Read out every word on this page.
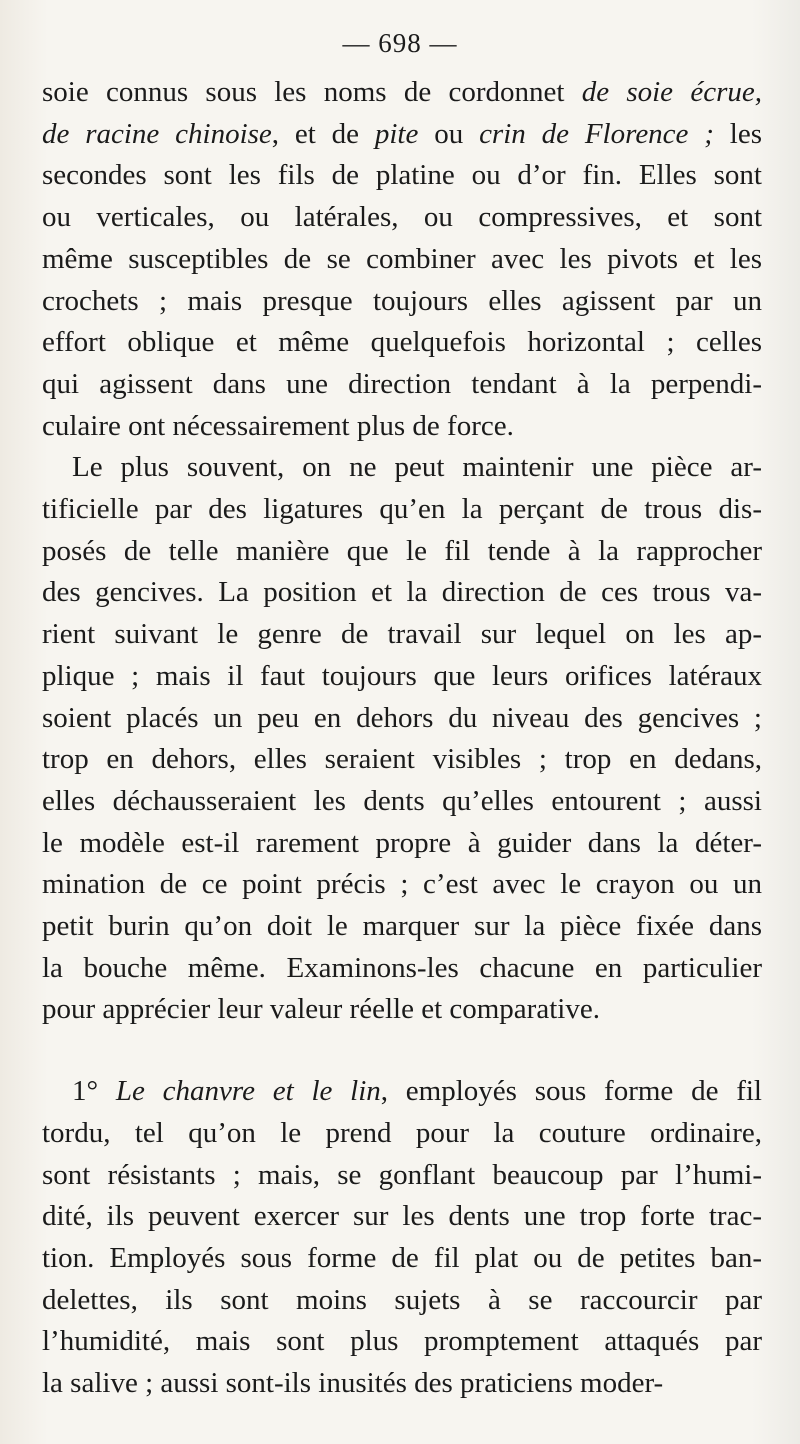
— 698 —
soie connus sous les noms de cordonnet de soie écrue,
de racine chinoise, et de pite ou crin de Florence ; les
secondes sont les fils de platine ou d’or fin. Elles sont
ou verticales, ou latérales, ou compressives, et sont
même susceptibles de se combiner avec les pivots et les
crochets ; mais presque toujours elles agissent par un
effort oblique et même quelquefois horizontal ; celles
qui agissent dans une direction tendant à la perpendi-
culaire ont nécessairement plus de force.
Le plus souvent, on ne peut maintenir une pièce ar-
tificielle par des ligatures qu’en la perçant de trous dis-
posés de telle manière que le fil tende à la rapprocher
des gencives. La position et la direction de ces trous va-
rient suivant le genre de travail sur lequel on les ap-
plique ; mais il faut toujours que leurs orifices latéraux
soient placés un peu en dehors du niveau des gencives ;
trop en dehors, elles seraient visibles ; trop en dedans,
elles déchausseraient les dents qu’elles entourent ; aussi
le modèle est-il rarement propre à guider dans la déter-
mination de ce point précis ; c’est avec le crayon ou un
petit burin qu’on doit le marquer sur la pièce fixée dans
la bouche même. Examinons-les chacune en particulier
pour apprécier leur valeur réelle et comparative.
1° Le chanvre et le lin, employés sous forme de fil
tordu, tel qu’on le prend pour la couture ordinaire,
sont résistants ; mais, se gonflant beaucoup par l’humi-
dité, ils peuvent exercer sur les dents une trop forte trac-
tion. Employés sous forme de fil plat ou de petites ban-
delettes, ils sont moins sujets à se raccourcir par
l’humidité, mais sont plus promptement attaqués par
la salive ; aussi sont-ils inusités des praticiens moder-
